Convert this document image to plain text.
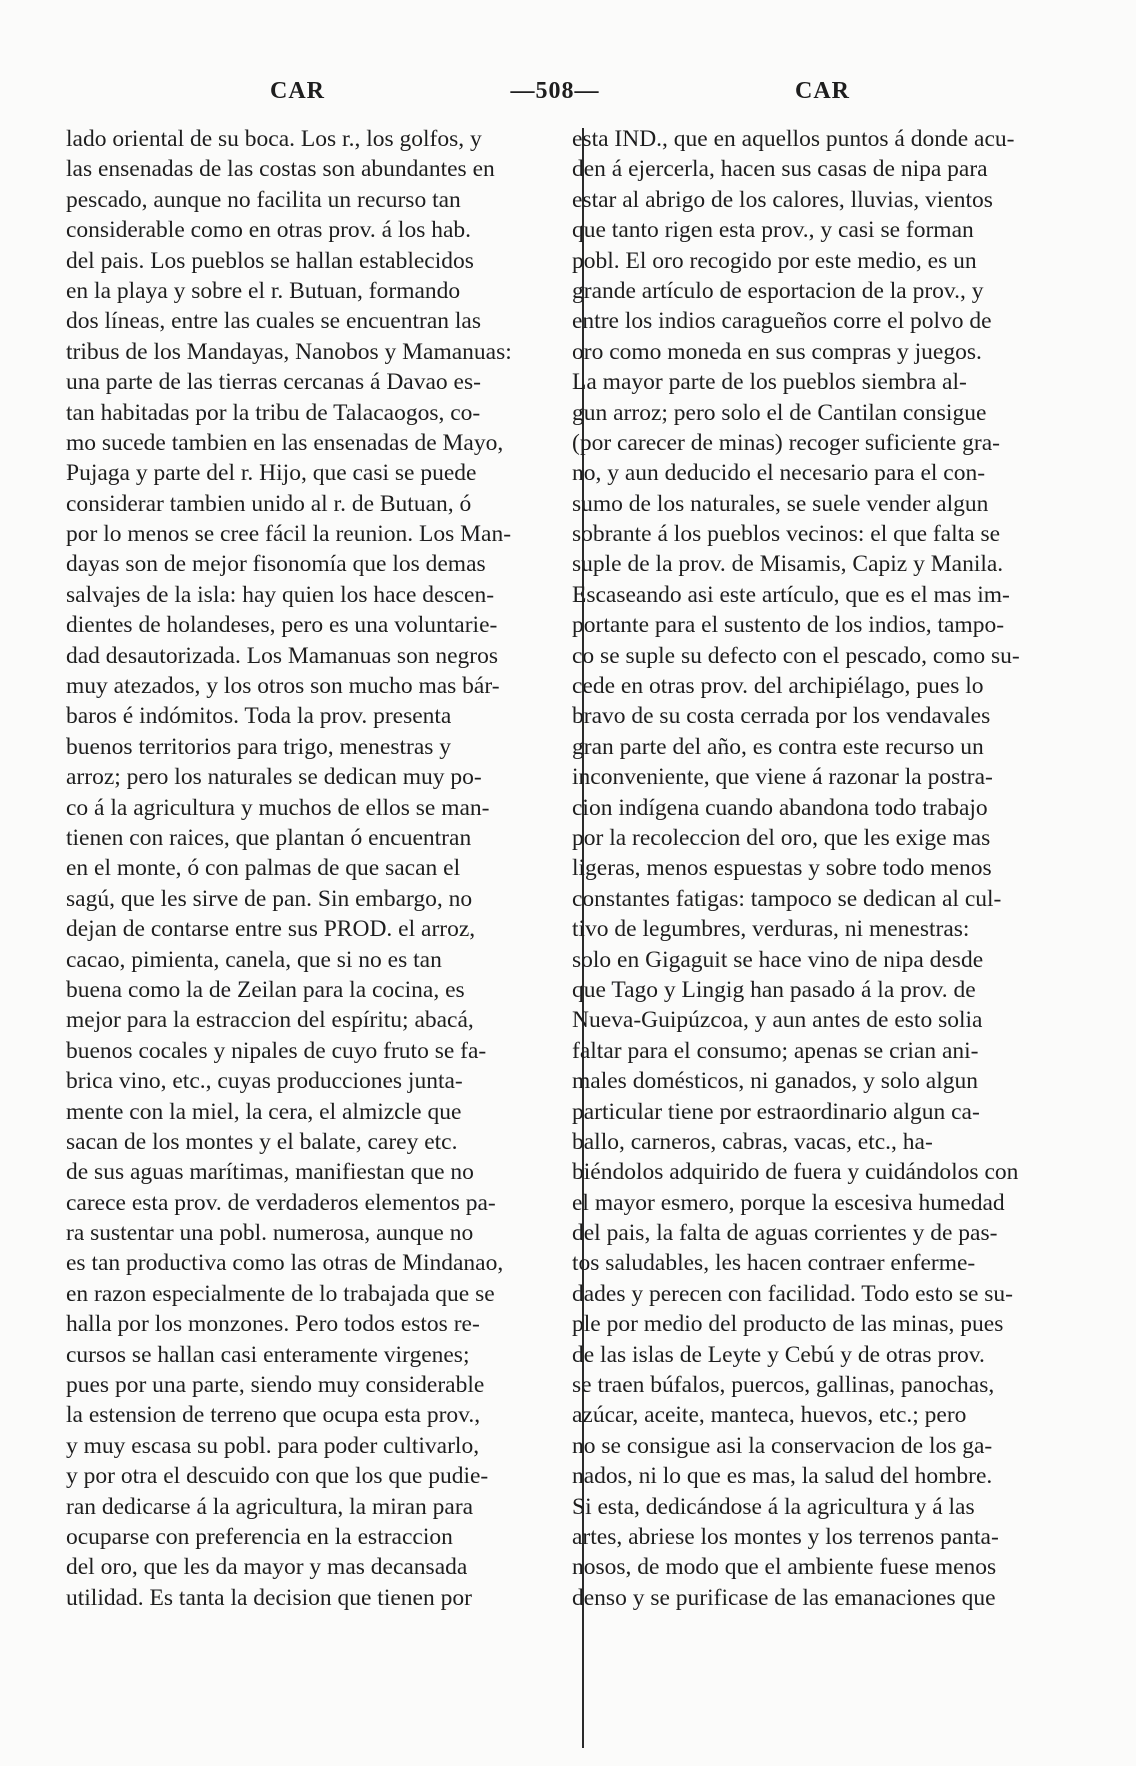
CAR	—508—	CAR
lado oriental de su boca. Los r., los golfos, y
las ensenadas de las costas son abundantes en
pescado, aunque no facilita un recurso tan
considerable como en otras prov. á los hab.
del pais. Los pueblos se hallan establecidos
en la playa y sobre el r. Butuan, formando
dos líneas, entre las cuales se encuentran las
tribus de los Mandayas, Nanobos y Mamanuas:
una parte de las tierras cercanas á Davao es-
tan habitadas por la tribu de Talacaogos, co-
mo sucede tambien en las ensenadas de Mayo,
Pujaga y parte del r. Hijo, que casi se puede
considerar tambien unido al r. de Butuan, ó
por lo menos se cree fácil la reunion. Los Man-
dayas son de mejor fisonomía que los demas
salvajes de la isla: hay quien los hace descen-
dientes de holandeses, pero es una voluntarie-
dad desautorizada. Los Mamanuas son negros
muy atezados, y los otros son mucho mas bár-
baros é indómitos. Toda la prov. presenta
buenos territorios para trigo, menestras y
arroz; pero los naturales se dedican muy po-
co á la agricultura y muchos de ellos se man-
tienen con raices, que plantan ó encuentran
en el monte, ó con palmas de que sacan el
sagú, que les sirve de pan. Sin embargo, no
dejan de contarse entre sus PROD. el arroz,
cacao, pimienta, canela, que si no es tan
buena como la de Zeilan para la cocina, es
mejor para la estraccion del espíritu; abacá,
buenos cocales y nipales de cuyo fruto se fa-
brica vino, etc., cuyas producciones junta-
mente con la miel, la cera, el almizcle que
sacan de los montes y el balate, carey etc.
de sus aguas marítimas, manifiestan que no
carece esta prov. de verdaderos elementos pa-
ra sustentar una pobl. numerosa, aunque no
es tan productiva como las otras de Mindanao,
en razon especialmente de lo trabajada que se
halla por los monzones. Pero todos estos re-
cursos se hallan casi enteramente virgenes;
pues por una parte, siendo muy considerable
la estension de terreno que ocupa esta prov.,
y muy escasa su pobl. para poder cultivarlo,
y por otra el descuido con que los que pudie-
ran dedicarse á la agricultura, la miran para
ocuparse con preferencia en la estraccion
del oro, que les da mayor y mas decansada
utilidad. Es tanta la decision que tienen por
esta IND., que en aquellos puntos á donde acu-
den á ejercerla, hacen sus casas de nipa para
estar al abrigo de los calores, lluvias, vientos
que tanto rigen esta prov., y casi se forman
pobl. El oro recogido por este medio, es un
grande artículo de esportacion de la prov., y
entre los indios caragueños corre el polvo de
oro como moneda en sus compras y juegos.
La mayor parte de los pueblos siembra al-
gun arroz; pero solo el de Cantilan consigue
(por carecer de minas) recoger suficiente gra-
no, y aun deducido el necesario para el con-
sumo de los naturales, se suele vender algun
sobrante á los pueblos vecinos: el que falta se
suple de la prov. de Misamis, Capiz y Manila.
Escaseando asi este artículo, que es el mas im-
portante para el sustento de los indios, tampo-
co se suple su defecto con el pescado, como su-
cede en otras prov. del archipiélago, pues lo
bravo de su costa cerrada por los vendavales
gran parte del año, es contra este recurso un
inconveniente, que viene á razonar la postra-
cion indígena cuando abandona todo trabajo
por la recoleccion del oro, que les exige mas
ligeras, menos espuestas y sobre todo menos
constantes fatigas: tampoco se dedican al cul-
tivo de legumbres, verduras, ni menestras:
solo en Gigaguit se hace vino de nipa desde
que Tago y Lingig han pasado á la prov. de
Nueva-Guipúzcoa, y aun antes de esto solia
faltar para el consumo; apenas se crian ani-
males domésticos, ni ganados, y solo algun
particular tiene por estraordinario algun ca-
ballo, carneros, cabras, vacas, etc., ha-
biéndolos adquirido de fuera y cuidándolos con
el mayor esmero, porque la escesiva humedad
del pais, la falta de aguas corrientes y de pas-
tos saludables, les hacen contraer enferme-
dades y perecen con facilidad. Todo esto se su-
ple por medio del producto de las minas, pues
de las islas de Leyte y Cebú y de otras prov.
se traen búfalos, puercos, gallinas, panochas,
azúcar, aceite, manteca, huevos, etc.; pero
no se consigue asi la conservacion de los ga-
nados, ni lo que es mas, la salud del hombre.
Si esta, dedicándose á la agricultura y á las
artes, abriese los montes y los terrenos panta-
nosos, de modo que el ambiente fuese menos
denso y se purificase de las emanaciones que
